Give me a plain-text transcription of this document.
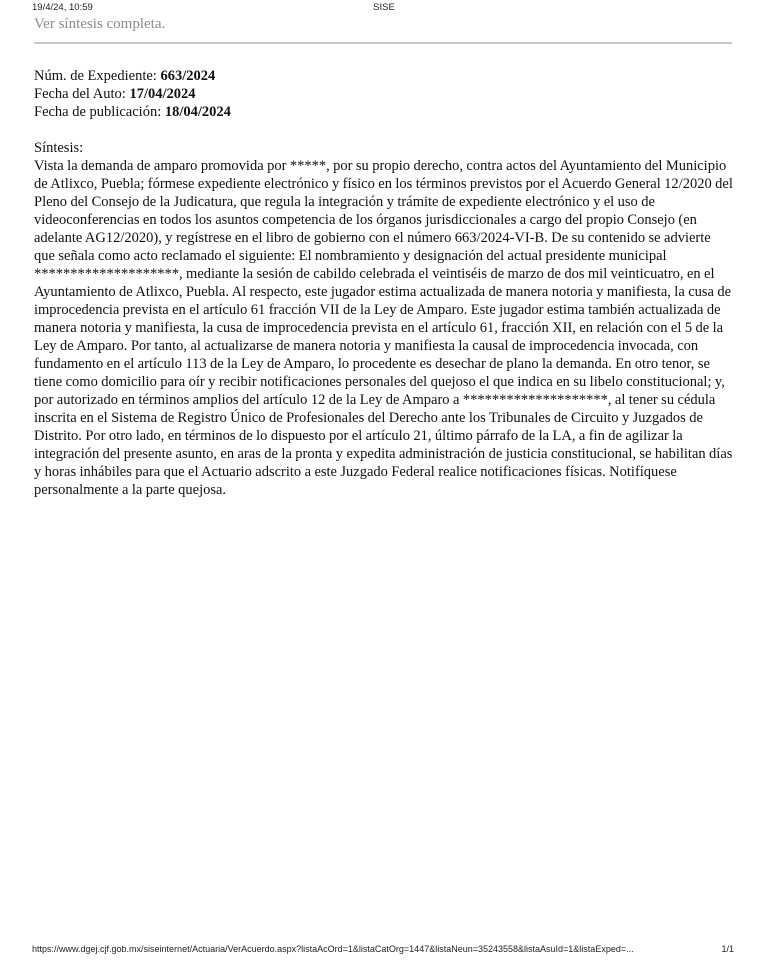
19/4/24, 10:59	SISE
Ver síntesis completa.
Núm. de Expediente: 663/2024
Fecha del Auto: 17/04/2024
Fecha de publicación: 18/04/2024
Síntesis:
Vista la demanda de amparo promovida por *****, por su propio derecho, contra actos del Ayuntamiento del Municipio de Atlixco, Puebla; fórmese expediente electrónico y físico en los términos previstos por el Acuerdo General 12/2020 del Pleno del Consejo de la Judicatura, que regula la integración y trámite de expediente electrónico y el uso de videoconferencias en todos los asuntos competencia de los órganos jurisdiccionales a cargo del propio Consejo (en adelante AG12/2020), y regístrese en el libro de gobierno con el número 663/2024-VI-B. De su contenido se advierte que señala como acto reclamado el siguiente: El nombramiento y designación del actual presidente municipal ********************, mediante la sesión de cabildo celebrada el veintiséis de marzo de dos mil veinticuatro, en el Ayuntamiento de Atlixco, Puebla. Al respecto, este jugador estima actualizada de manera notoria y manifiesta, la cusa de improcedencia prevista en el artículo 61 fracción VII de la Ley de Amparo. Este jugador estima también actualizada de manera notoria y manifiesta, la cusa de improcedencia prevista en el artículo 61, fracción XII, en relación con el 5 de la Ley de Amparo. Por tanto, al actualizarse de manera notoria y manifiesta la causal de improcedencia invocada, con fundamento en el artículo 113 de la Ley de Amparo, lo procedente es desechar de plano la demanda. En otro tenor, se tiene como domicilio para oír y recibir notificaciones personales del quejoso el que indica en su libelo constitucional; y, por autorizado en términos amplios del artículo 12 de la Ley de Amparo a ********************, al tener su cédula inscrita en el Sistema de Registro Único de Profesionales del Derecho ante los Tribunales de Circuito y Juzgados de Distrito. Por otro lado, en términos de lo dispuesto por el artículo 21, último párrafo de la LA, a fin de agilizar la integración del presente asunto, en aras de la pronta y expedita administración de justicia constitucional, se habilitan días y horas inhábiles para que el Actuario adscrito a este Juzgado Federal realice notificaciones físicas. Notifíquese personalmente a la parte quejosa.
https://www.dgej.cjf.gob.mx/siseinternet/Actuaria/VerAcuerdo.aspx?listaAcOrd=1&listaCatOrg=1447&listaNeun=35243558&listaAsuId=1&listaExped=...	1/1
